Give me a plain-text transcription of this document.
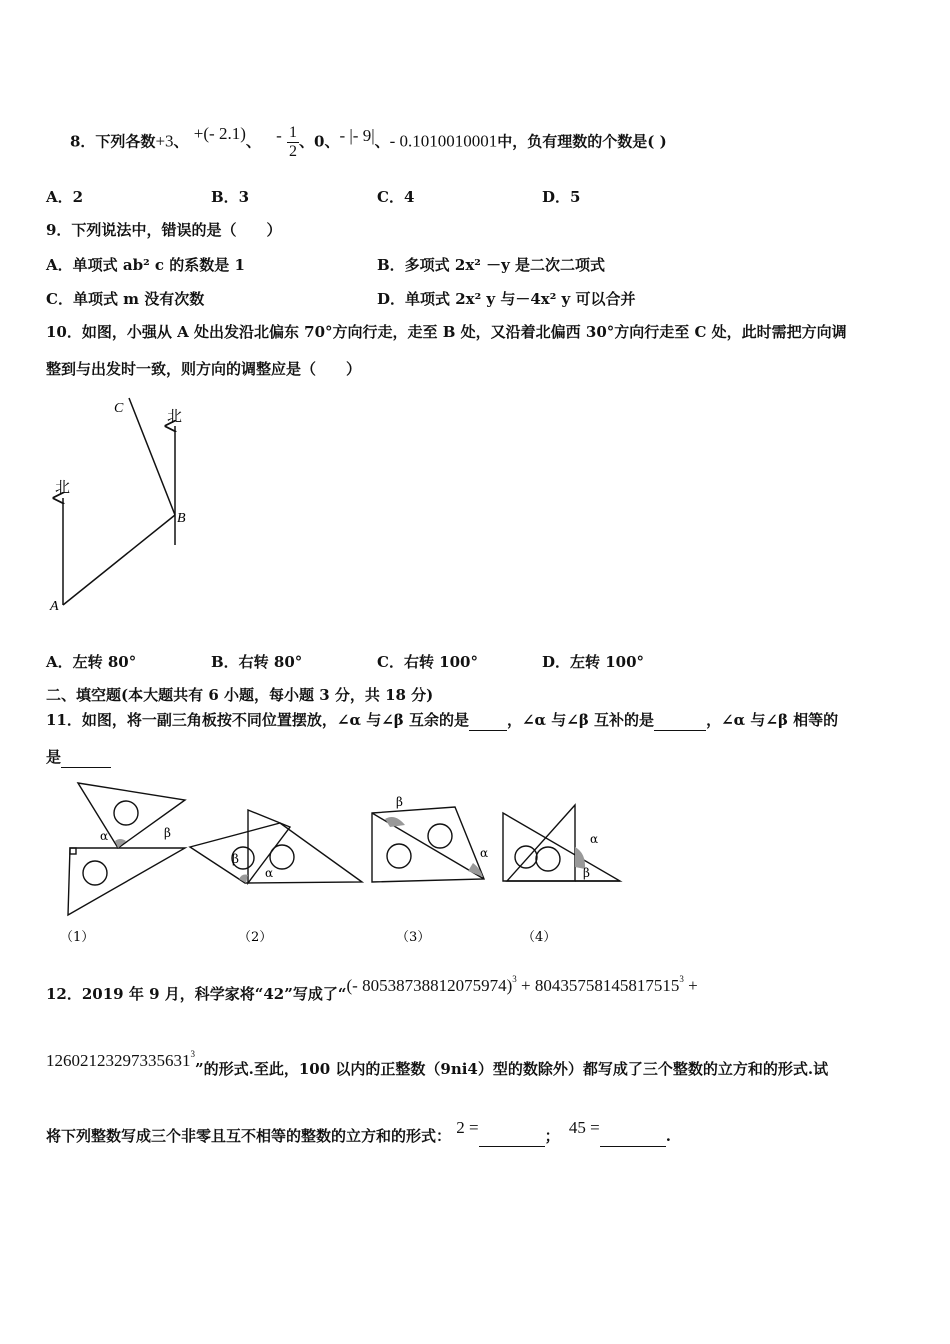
8．下列各数+3、 +(- 2.1)、 - $\frac{1}{2}$ 、0、- |- 9|、- 0.1010010001中，负有理数的个数是( )
A．2	B．3	C．4	D．5
9．下列说法中，错误的是（　　）
A．单项式 ab² c 的系数是 1	B．多项式 2x² －y 是二次二项式
C．单项式 m 没有次数	D．单项式 2x² y 与－4x² y 可以合并
10．如图，小强从 A 处出发沿北偏东 70°方向行走，走至 B 处，又沿着北偏西 30°方向行走至 C 处，此时需把方向调
整到与出发时一致，则方向的调整应是（　　）
北
北
A
B
C
A．左转 80°	B．右转 80°	C．右转 100°	D．左转 100°
二、填空题(本大题共有 6 小题，每小题 3 分，共 18 分)
11．如图，将一副三角板按不同位置摆放，∠α 与∠β 互余的是	，∠α 与∠β 互补的是	，∠α 与∠β 相等的
是
α	β
β
α
β
α
α
β
（1）	（2）	（3）	（4）
12．2019 年 9 月，科学家将“42”写成了“(- $80538738812075974)^3 + 80435758145817515^3$ +
$12602123297335631^3$”的形式.至此，100 以内的正整数（9ni4）型的数除外）都写成了三个整数的立方和的形式.试
将下列整数写成三个非零且互不相等的整数的立方和的形式： 2 =	； 45 =	.
